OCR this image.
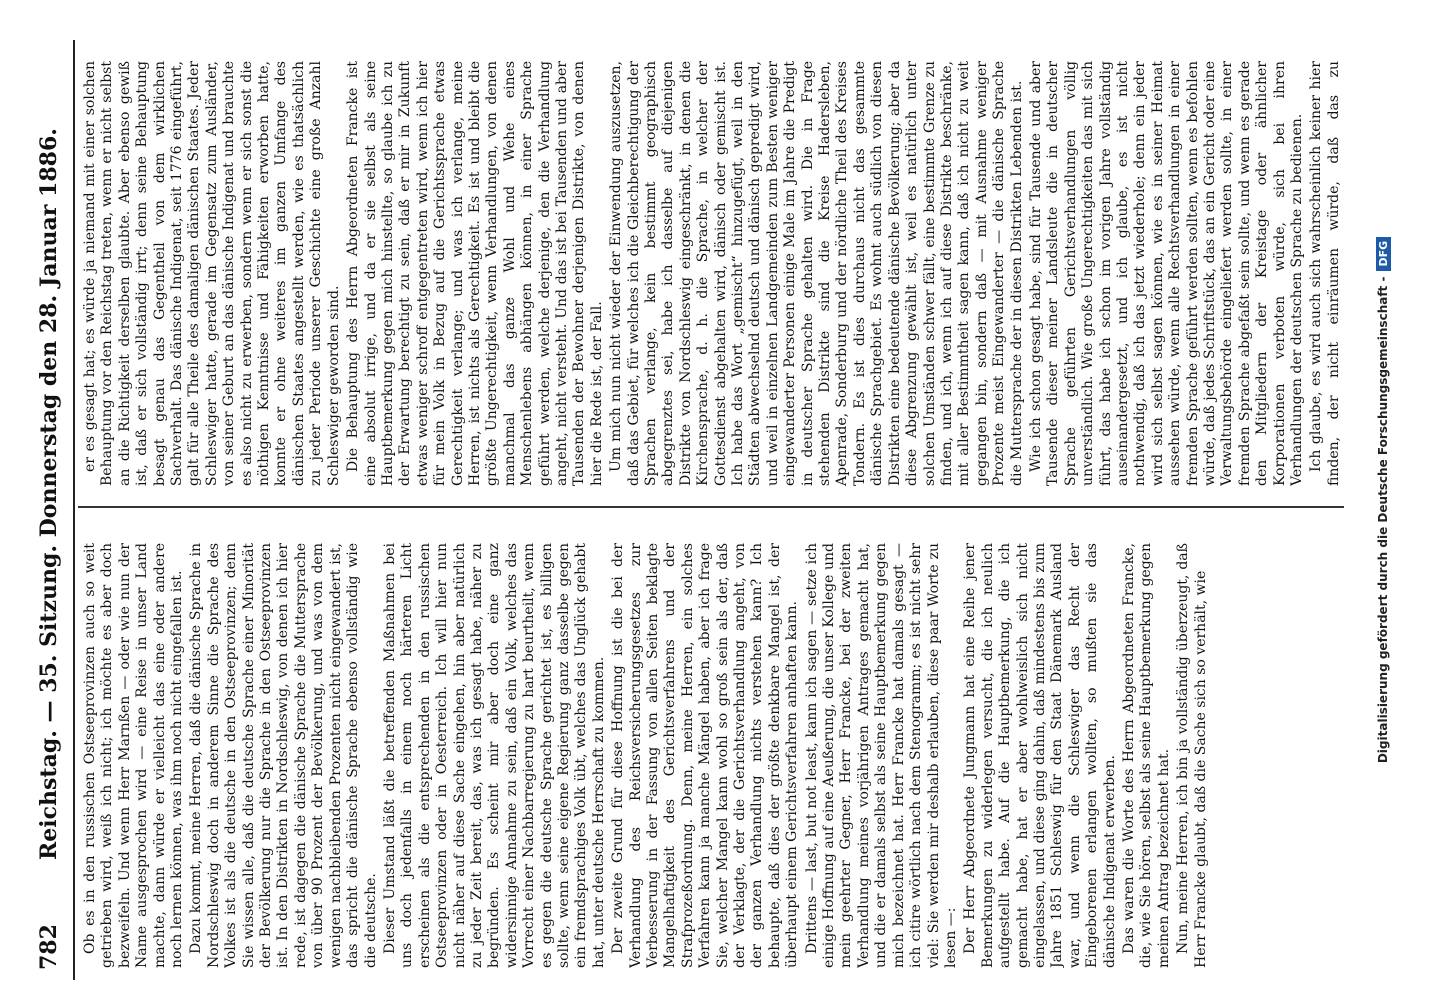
782
Reichstag. — 35. Sitzung. Donnerstag den 28. Januar 1886. Ob es in den russischen Ostseeprovinzen auch so weit getrieben wird, weiß ich nicht; ich möchte es aber doch bezweifeln. Und wenn Herr Marnßen — oder wie nun der Name ausgesprochen wird — eine Reise in unser Land machte, dann würde er vielleicht das eine oder andere noch lernen können, was ihm noch nicht eingefallen ist. Dazu kommt, meine Herren, daß die dänische Sprache in Nordschleswig doch in anderem Sinne die Sprache des Volkes ist als die deutsche in den Ostseeprovinzen; denn Sie wissen alle, daß die deutsche Sprache einer Minorität der Bevölkerung nur die Sprache in den Ostseeprovinzen ist. In den Distrikten in Nordschleswig, von denen ich hier rede, ist dagegen die dänische Sprache die Muttersprache von über 90 Prozent der Bevölkerung, und was von dem wenigen nachbleibenden Prozenten nicht eingewandert ist, das spricht die dänische Sprache ebenso vollständig wie die deutsche. Dieser Umstand läßt die betreffenden Maßnahmen bei uns doch jedenfalls in einem noch härteren Licht erscheinen als die entsprechenden in den russischen Ostseeprovinzen oder in Oesterreich. Ich will hier nun nicht näher auf diese Sache eingehen, hin aber natürlich zu jeder Zeit bereit, das, was ich gesagt habe, näher zu begründen. Es scheint mir aber doch eine ganz widersinnige Annahme zu sein, daß ein Volk, welches das Vorrecht einer Nachbarregierung zu hart beurtheilt, wenn es gegen die deutsche Sprache gerichtet ist, es billigen sollte, wenn seine eigene Regierung ganz dasselbe gegen ein fremdsprachiges Volk übt, welches das Unglück gehabt hat, unter deutsche Herrschaft zu kommen. Der zweite Grund für diese Hoffnung ist die bei der Verhandlung des Reichsversicherungsgesetzes zur Verbesserung in der Fassung von allen Seiten beklagte Mangelhaftigkeit des Gerichtsverfahrens und der Strafprozeßordnung. Denn, meine Herren, ein solches Verfahren kann ja manche Mängel haben, aber ich frage Sie, welcher Mangel kann wohl so groß sein als der, daß der Verklagte, der die Gerichtsverhandlung angeht, von der ganzen Verhandlung nichts verstehen kann? Ich behaupte, daß dies der größte denkbare Mangel ist, der überhaupt einem Gerichtsverfahren anhaften kann. Drittens — last, but not least, kann ich sagen — setze ich einige Hoffnung auf eine Aeußerung, die unser Kollege und mein geehrter Gegner, Herr Francke, bei der zweiten Verhandlung meines vorjährigen Antrages gemacht hat, und die er damals selbst als seine Hauptbemerkung gegen mich bezeichnet hat. Herr Francke hat damals gesagt — ich citire wörtlich nach dem Stenogramm; es ist nicht sehr viel: Sie werden mir deshalb erlauben, diese paar Worte zu lesen —: Der Herr Abgeordnete Jungmann hat eine Reihe jener Bemerkungen zu widerlegen versucht, die ich neulich aufgestellt habe. Auf die Hauptbemerkung, die ich gemacht habe, hat er aber wohlweislich sich nicht eingelassen, und diese ging dahin, daß mindestens bis zum Jahre 1851 Schleswig für den Staat Dänemark Ausland war, und wenn die Schleswiger das Recht der Eingeborenen erlangen wollten, so mußten sie das dänische Indigenat erwerben. Das waren die Worte des Herrn Abgeordneten Francke, die, wie Sie hören, selbst als seine Hauptbemerkung gegen meinen Antrag bezeichnet hat. Nun, meine Herren, ich bin ja vollständig überzeugt, daß Herr Francke glaubt, daß die Sache sich so verhält, wie

er es gesagt hat; es würde ja niemand mit einer solchen Behauptung vor den Reichstag treten, wenn er nicht selbst an die Richtigkeit derselben glaubte. Aber ebenso gewiß ist, daß er sich vollständig irrt; denn seine Behauptung besagt genau das Gegentheil von dem wirklichen Sachverhalt. Das dänische Indigenat, seit 1776 eingeführt, galt für alle Theile des damaligen dänischen Staates. Jeder Schleswiger hatte, gerade im Gegensatz zum Ausländer, von seiner Geburt an das dänische Indigenat und brauchte es also nicht zu erwerben, sondern wenn er sich sonst die nöthigen Kenntnisse und Fähigkeiten erworben hatte, konnte er ohne weiteres im ganzen Umfange des dänischen Staates angestellt werden, wie es thatsächlich zu jeder Periode unserer Geschichte eine große Anzahl Schleswiger geworden sind. Die Behauptung des Herrn Abgeordneten Francke ist eine absolut irrige, und da er sie selbst als seine Hauptbemerkung gegen mich hinstellte, so glaube ich zu der Erwartung berechtigt zu sein, daß er mir in Zukunft etwas weniger schroff entgegentreten wird, wenn ich hier für mein Volk in Bezug auf die Gerichtssprache etwas Gerechtigkeit verlange; und was ich verlange, meine Herren, ist nichts als Gerechtigkeit. Es ist und bleibt die größte Ungerechtigkeit, wenn Verhandlungen, von denen manchmal das ganze Wohl und Wehe eines Menschenlebens abhängen können, in einer Sprache geführt werden, welche derjenige, den die Verhandlung angeht, nicht versteht. Und das ist bei Tausenden und aber Tausenden der Bewohner derjenigen Distrikte, von denen hier die Rede ist, der Fall. Um mich nun nicht wieder der Einwendung auszusetzen, daß das Gebiet, für welches ich die Gleichberechtigung der Sprachen verlange, kein bestimmt geographisch abgegrenztes sei, habe ich dasselbe auf diejenigen Distrikte von Nordschleswig eingeschränkt, in denen die Kirchensprache, d. h. die Sprache, in welcher der Gottesdienst abgehalten wird, dänisch oder gemischt ist. Ich habe das Wort „gemischt“ hinzugefügt, weil in den Städten abwechselnd deutsch und dänisch gepredigt wird, und weil in einzelnen Landgemeinden zum Besten weniger eingewanderter Personen einige Male im Jahre die Predigt in deutscher Sprache gehalten wird. Die in Frage stehenden Distrikte sind die Kreise Hadersleben, Apenrade, Sonderburg und der nördliche Theil des Kreises Tondern. Es ist dies durchaus nicht das gesammte dänische Sprachgebiet. Es wohnt auch südlich von diesen Distrikten eine bedeutende dänische Bevölkerung; aber da diese Abgrenzung gewählt ist, weil es natürlich unter solchen Umständen schwer fällt, eine bestimmte Grenze zu finden, und ich, wenn ich auf diese Distrikte beschränke, mit aller Bestimmtheit sagen kann, daß ich nicht zu weit gegangen bin, sondern daß — mit Ausnahme weniger Prozente meist Eingewanderter — die dänische Sprache die Muttersprache der in diesen Distrikten Lebenden ist. Wie ich schon gesagt habe, sind für Tausende und aber Tausende dieser meiner Landsleute die in deutscher Sprache geführten Gerichtsverhandlungen völlig unverständlich. Wie große Ungerechtigkeiten das mit sich führt, das habe ich schon im vorigen Jahre vollständig auseinandergesetzt, und ich glaube, es ist nicht nothwendig, daß ich das jetzt wiederhole; denn ein jeder wird sich selbst sagen können, wie es in seiner Heimat aussehen würde, wenn alle Rechtsverhandlungen in einer fremden Sprache geführt werden sollten, wenn es befohlen würde, daß jedes Schriftstück, das an ein Gericht oder eine Verwaltungsbehörde eingeliefert werden sollte, in einer fremden Sprache abgefaßt sein sollte, und wenn es gerade den Mitgliedern der Kreistage oder ähnlicher Korporationen verboten würde, sich bei ihren Verhandlungen der deutschen Sprache zu bedienen. Ich glaube, es wird auch sich wahrscheinlich keiner hier finden, der nicht einräumen würde, daß das zu

Digitalisierung gefördert durch die Deutsche Forschungsgemeinschaft -
DFG
